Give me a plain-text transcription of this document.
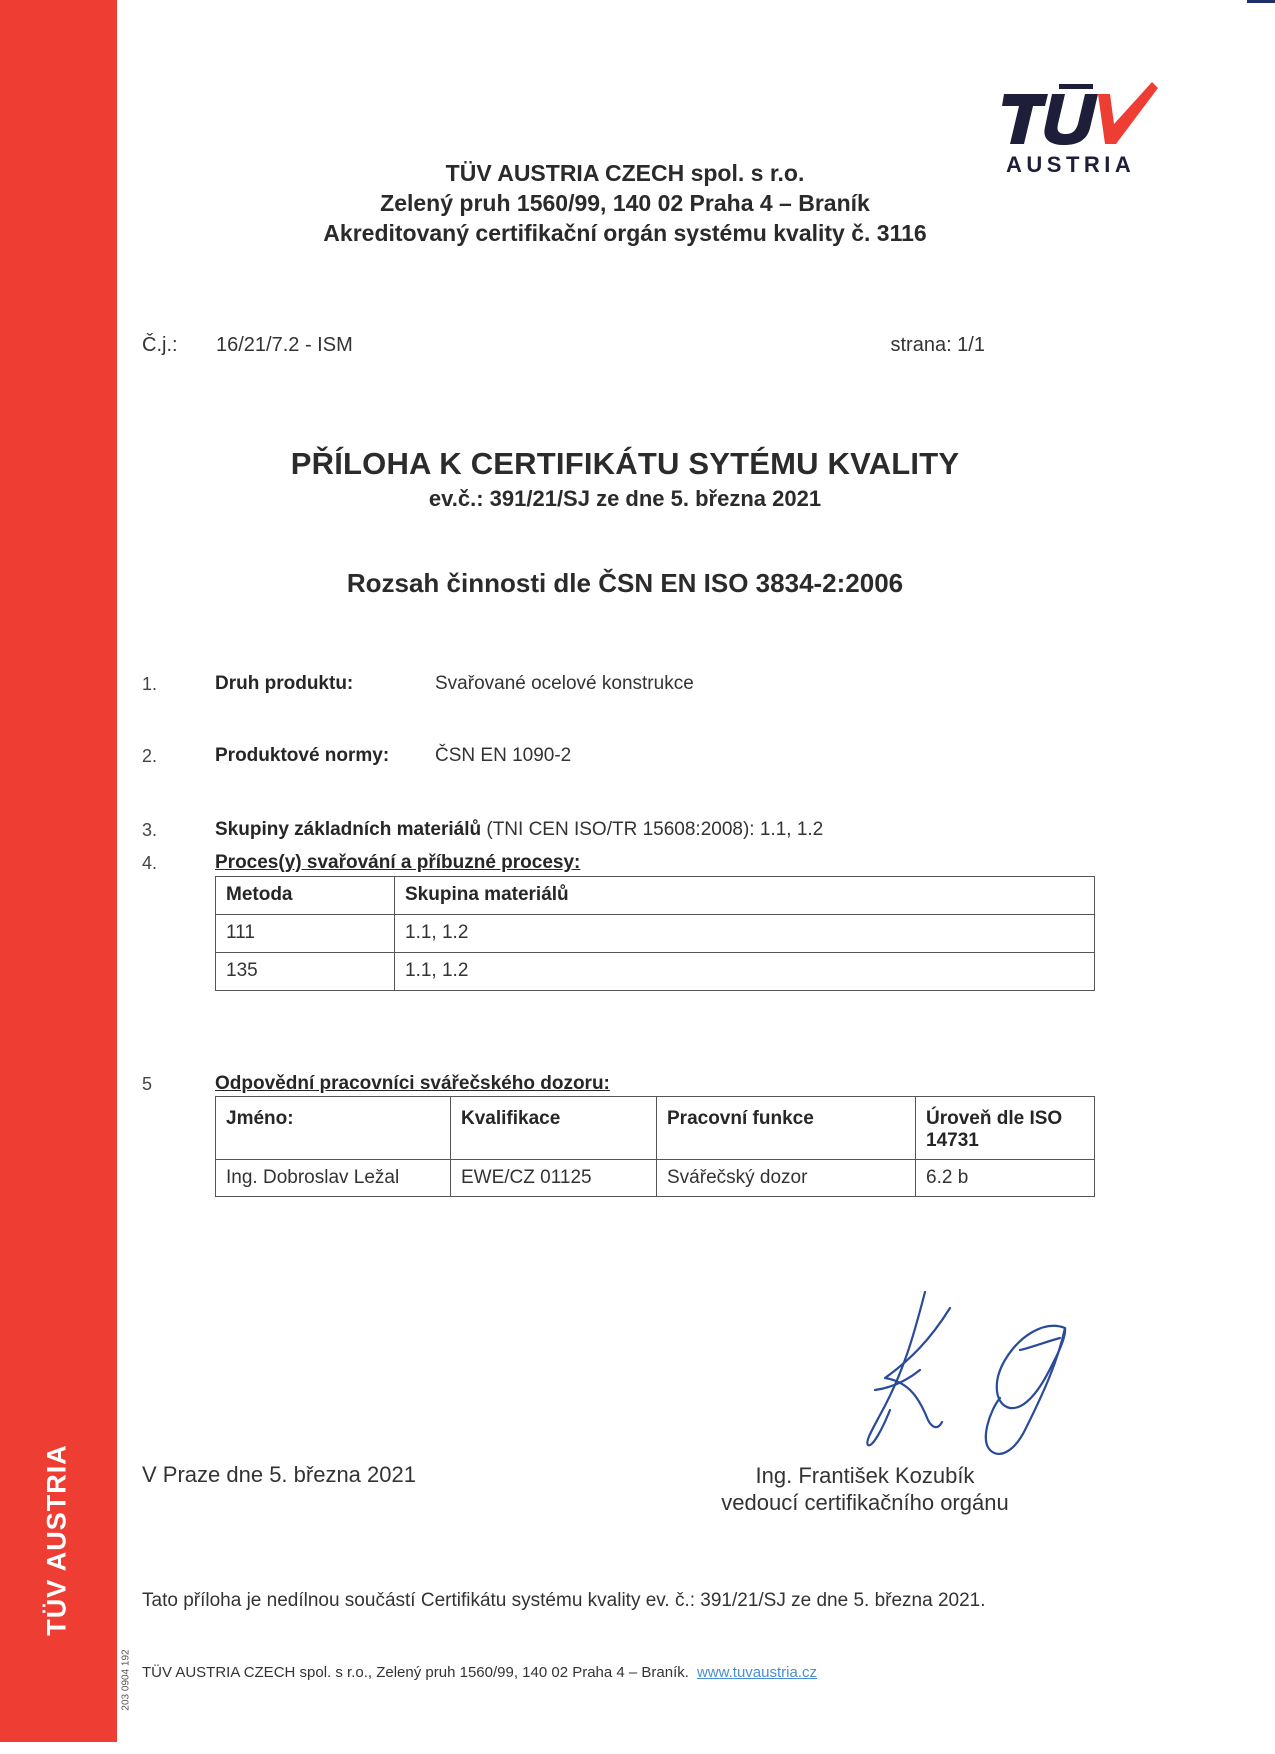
TÜV AUSTRIA
203 0904 192
AUSTRIA
TÜV AUSTRIA CZECH spol. s r.o.
Zelený pruh 1560/99, 140 02 Praha 4 – Braník
Akreditovaný certifikační orgán systému kvality č. 3116
Č.j.: 16/21/7.2 - ISM	strana: 1/1
PŘÍLOHA K CERTIFIKÁTU SYTÉMU KVALITY
ev.č.: 391/21/SJ ze dne 5. března 2021
Rozsah činnosti dle ČSN EN ISO 3834-2:2006
1.	Druh produktu:	Svařované ocelové konstrukce
2.	Produktové normy: ČSN EN 1090-2
3.	Skupiny základních materiálů (TNI CEN ISO/TR 15608:2008): 1.1, 1.2
4.	Proces(y) svařování a příbuzné procesy:
Metoda	Skupina materiálů
111	1.1, 1.2
135	1.1, 1.2
5	Odpovědní pracovníci svářečského dozoru:
Jméno:	Kvalifikace	Pracovní funkce	Úroveň dle ISO 14731
Ing. Dobroslav Ležal	EWE/CZ 01125	Svářečský dozor	6.2 b
V Praze dne 5. března 2021	Ing. František Kozubík
vedoucí certifikačního orgánu
Tato příloha je nedílnou součástí Certifikátu systému kvality ev. č.: 391/21/SJ ze dne 5. března 2021.
TÜV AUSTRIA CZECH spol. s r.o., Zelený pruh 1560/99, 140 02 Praha 4 – Braník. www.tuvaustria.cz
